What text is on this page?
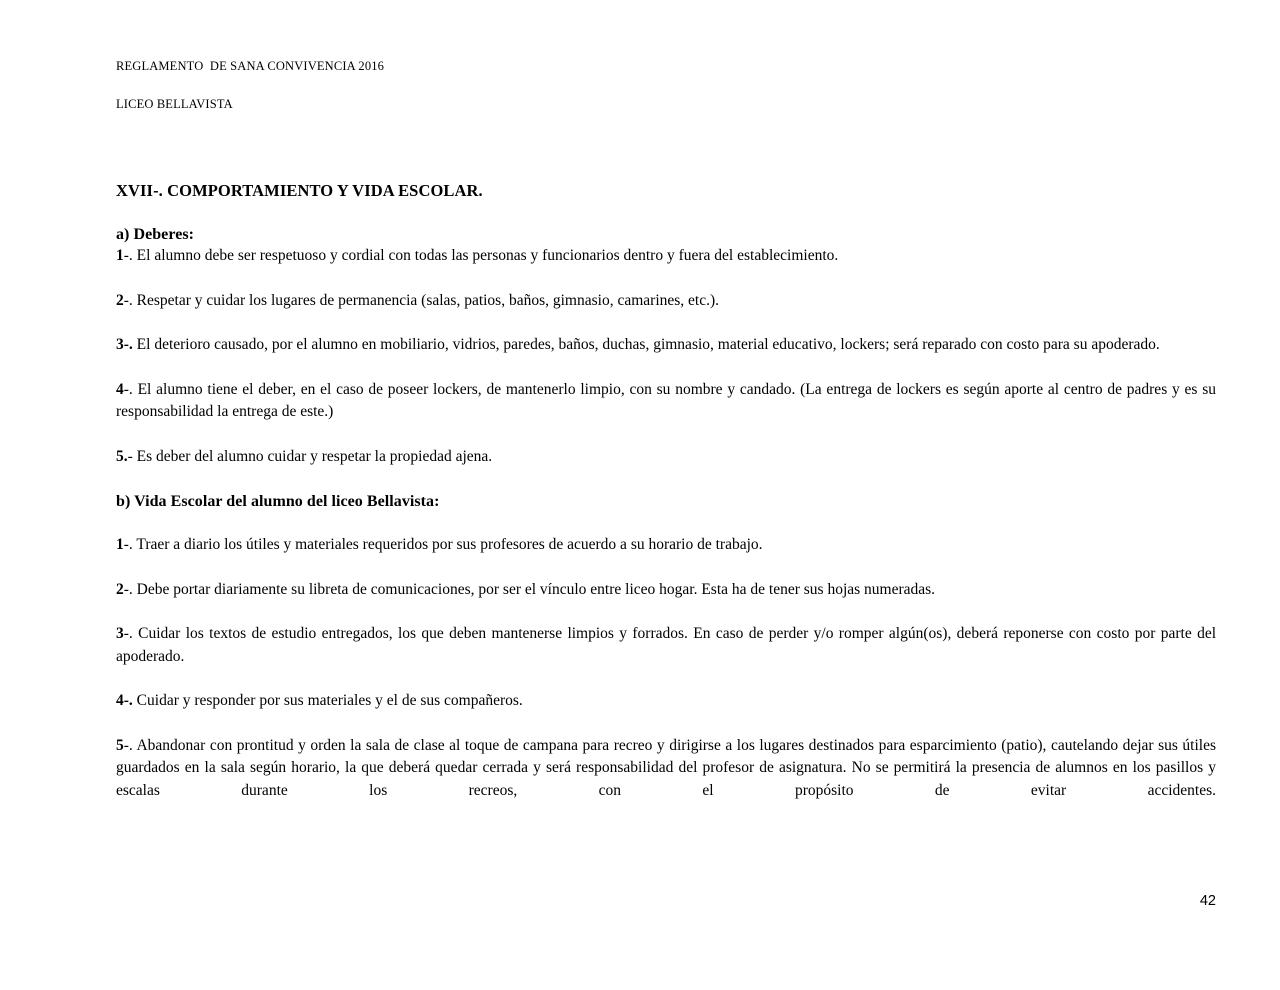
REGLAMENTO  DE SANA CONVIVENCIA 2016
LICEO BELLAVISTA
XVII-. COMPORTAMIENTO Y VIDA ESCOLAR.

a) Deberes:

1-. El alumno debe ser respetuoso y cordial con todas las personas y funcionarios dentro y fuera del establecimiento.

2-. Respetar y cuidar los lugares de permanencia (salas, patios, baños, gimnasio, camarines, etc.).

3-. El deterioro causado, por el alumno en mobiliario, vidrios, paredes, baños, duchas, gimnasio, material educativo, lockers; será reparado con costo para su apoderado.

4-. El alumno tiene el deber, en el caso de poseer lockers, de mantenerlo limpio, con su nombre y candado. (La entrega de lockers es según aporte al centro de padres y es su responsabilidad la entrega de este.)

5.- Es deber del alumno cuidar y respetar la propiedad ajena.

b) Vida Escolar del alumno del liceo Bellavista:

1-. Traer a diario los útiles y materiales requeridos por sus profesores de acuerdo a su horario de trabajo.

2-. Debe portar diariamente su libreta de comunicaciones, por ser el vínculo entre liceo hogar. Esta ha de tener sus hojas numeradas.

3-. Cuidar los textos de estudio entregados, los que deben mantenerse limpios y forrados. En caso de perder y/o romper algún(os), deberá reponerse con costo por parte del apoderado.

4-. Cuidar y responder por sus materiales y el de sus compañeros.

5-. Abandonar con prontitud y orden la sala de clase al toque de campana para recreo y dirigirse a los lugares destinados para esparcimiento (patio), cautelando dejar sus útiles guardados en la sala según horario, la que deberá quedar cerrada y será responsabilidad del profesor de asignatura. No se permitirá la presencia de alumnos en los pasillos y escalas durante los recreos, con el propósito de evitar accidentes.

42
